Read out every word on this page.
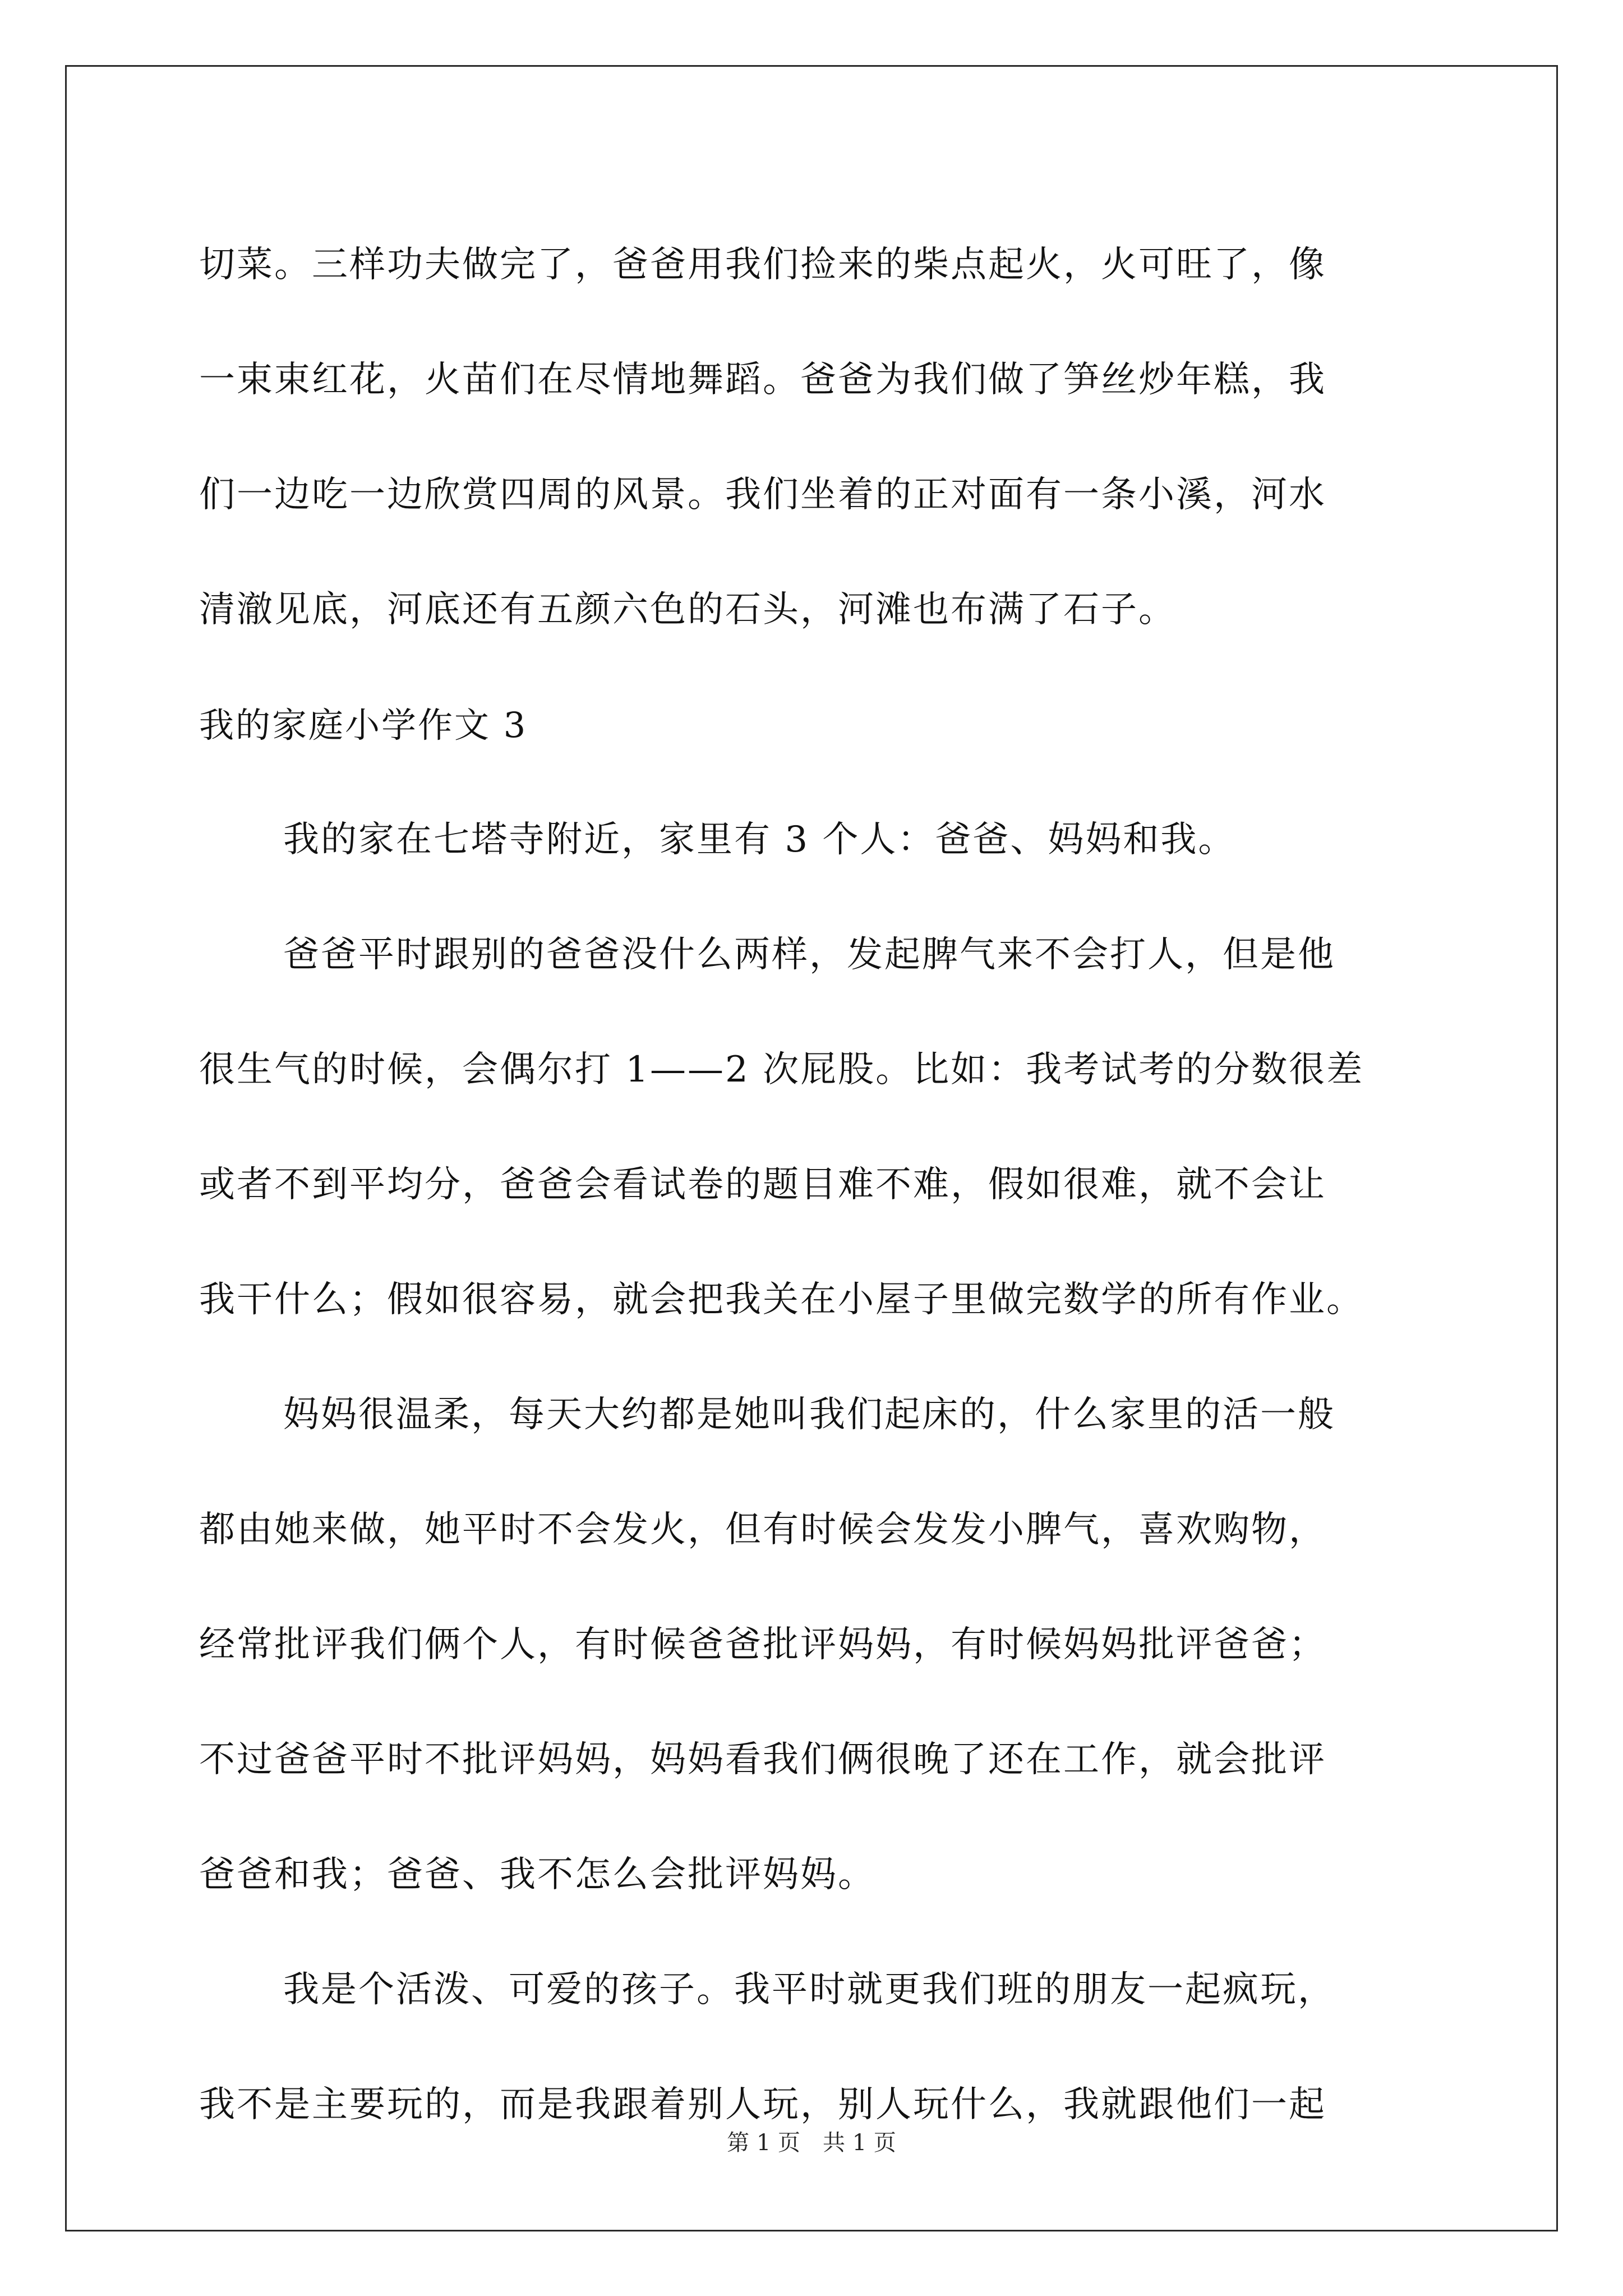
切菜。三样功夫做完了，爸爸用我们捡来的柴点起火，火可旺了，像
一束束红花，火苗们在尽情地舞蹈。爸爸为我们做了笋丝炒年糕，我
们一边吃一边欣赏四周的风景。我们坐着的正对面有一条小溪，河水
清澈见底，河底还有五颜六色的石头，河滩也布满了石子。
我的家庭小学作文 3
我的家在七塔寺附近，家里有 3 个人：爸爸、妈妈和我。
爸爸平时跟别的爸爸没什么两样，发起脾气来不会打人，但是他
很生气的时候，会偶尔打 1——2 次屁股。比如：我考试考的分数很差
或者不到平均分，爸爸会看试卷的题目难不难，假如很难，就不会让
我干什么；假如很容易，就会把我关在小屋子里做完数学的所有作业。
妈妈很温柔，每天大约都是她叫我们起床的，什么家里的活一般
都由她来做，她平时不会发火，但有时候会发发小脾气，喜欢购物，
经常批评我们俩个人，有时候爸爸批评妈妈，有时候妈妈批评爸爸；
不过爸爸平时不批评妈妈，妈妈看我们俩很晚了还在工作，就会批评
爸爸和我；爸爸、我不怎么会批评妈妈。
我是个活泼、可爱的孩子。我平时就更我们班的朋友一起疯玩，
我不是主要玩的，而是我跟着别人玩，别人玩什么，我就跟他们一起
第 1 页　共 1 页
